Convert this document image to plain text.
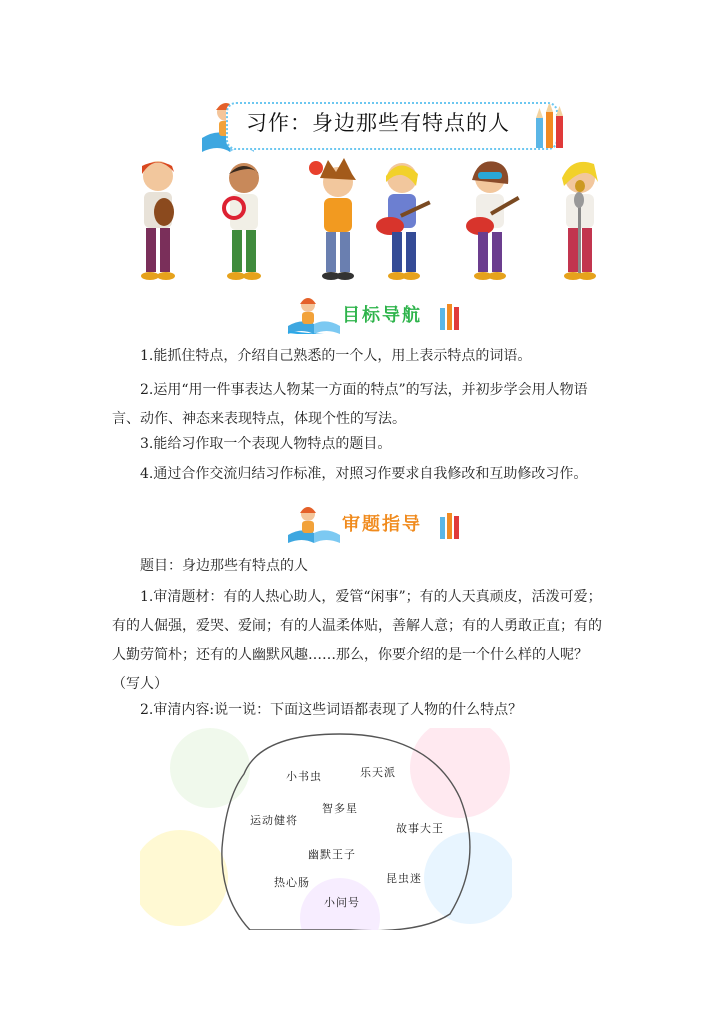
习作：身边那些有特点的人
目标导航
1.能抓住特点，介绍自己熟悉的一个人，用上表示特点的词语。
2.运用“用一件事表达人物某一方面的特点”的写法，并初步学会用人物语言、动作、神态来表现特点，体现个性的写法。
3.能给习作取一个表现人物特点的题目。
4.通过合作交流归结习作标准，对照习作要求自我修改和互助修改习作。
审题指导
题目：身边那些有特点的人
1.审清题材：有的人热心助人，爱管“闲事”；有的人天真顽皮，活泼可爱；有的人倔强，爱哭、爱闹；有的人温柔体贴，善解人意；有的人勇敢正直；有的人勤劳简朴；还有的人幽默风趣……那么，你要介绍的是一个什么样的人呢？（写人）
2.审清内容:说一说：下面这些词语都表现了人物的什么特点？
小书虫	乐天派
智多星
运动健将
故事大王
幽默王子
热心肠	昆虫迷
小问号
